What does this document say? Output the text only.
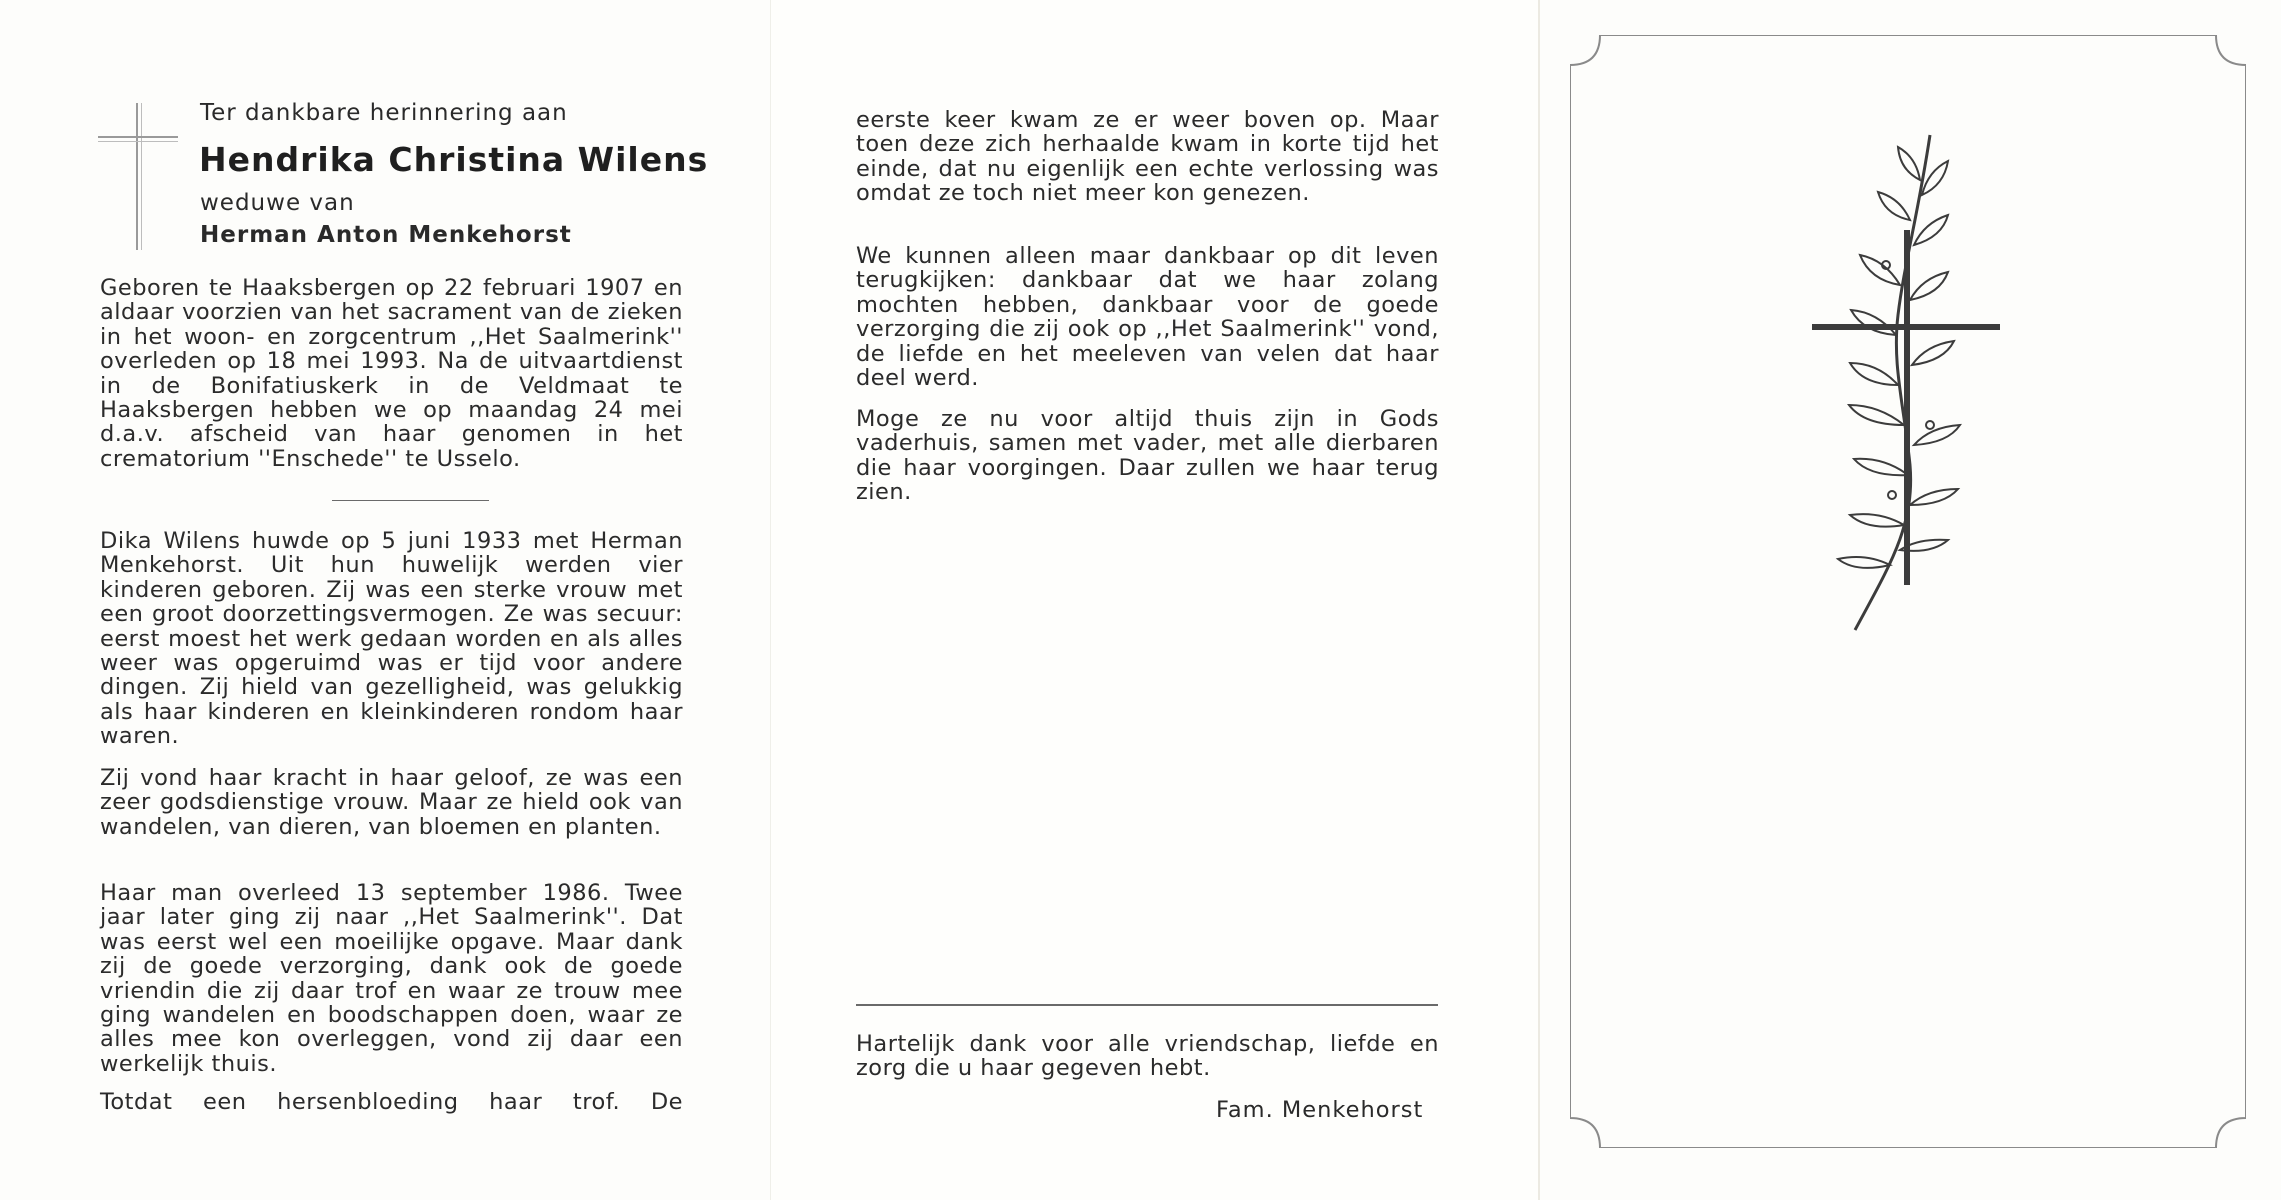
Ter dankbare herinnering aan
Hendrika Christina Wilens
weduwe van
Herman Anton Menkehorst

Geboren te Haaksbergen op 22 februari 1907 en aldaar voorzien van het sacrament van de zieken in het woon- en zorgcentrum ,,Het Saalmerink'' overleden op 18 mei 1993. Na de uitvaartdienst in de Bonifatiuskerk in de Veldmaat te Haaksbergen hebben we op maandag 24 mei d.a.v. afscheid van haar genomen in het crematorium ''Enschede'' te Usselo.

Dika Wilens huwde op 5 juni 1933 met Herman Menkehorst. Uit hun huwelijk werden vier kinderen geboren. Zij was een sterke vrouw met een groot doorzettingsvermogen. Ze was secuur: eerst moest het werk gedaan worden en als alles weer was opgeruimd was er tijd voor andere dingen. Zij hield van gezelligheid, was gelukkig als haar kinderen en kleinkinderen rondom haar waren.

Zij vond haar kracht in haar geloof, ze was een zeer godsdienstige vrouw. Maar ze hield ook van wandelen, van dieren, van bloemen en planten.

Haar man overleed 13 september 1986. Twee jaar later ging zij naar ,,Het Saalmerink''. Dat was eerst wel een moeilijke opgave. Maar dank zij de goede verzorging, dank ook de goede vriendin die zij daar trof en waar ze trouw mee ging wandelen en boodschappen doen, waar ze alles mee kon overleggen, vond zij daar een werkelijk thuis.

Totdat een hersenbloeding haar trof. De

eerste keer kwam ze er weer boven op. Maar toen deze zich herhaalde kwam in korte tijd het einde, dat nu eigenlijk een echte verlossing was omdat ze toch niet meer kon genezen.

We kunnen alleen maar dankbaar op dit leven terugkijken: dankbaar dat we haar zolang mochten hebben, dankbaar voor de goede verzorging die zij ook op ,,Het Saalmerink'' vond, de liefde en het meeleven van velen dat haar deel werd.

Moge ze nu voor altijd thuis zijn in Gods vaderhuis, samen met vader, met alle dierbaren die haar voorgingen. Daar zullen we haar terug zien.

Hartelijk dank voor alle vriendschap, liefde en zorg die u haar gegeven hebt.

Fam. Menkehorst
